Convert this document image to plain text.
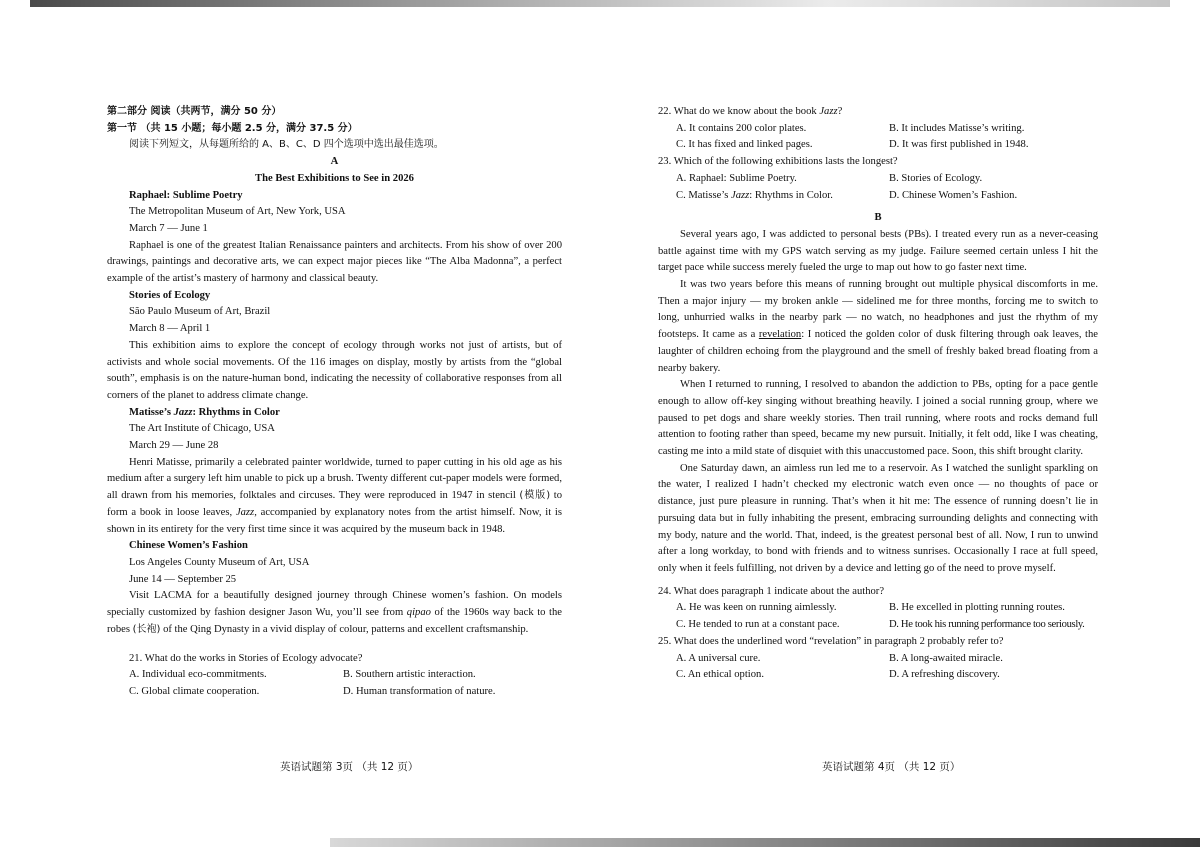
第二部分 阅读（共两节，满分 50 分）

第一节 （共 15 小题；每小题 2.5 分，满分 37.5 分）

阅读下列短文，从每题所给的 A、B、C、D 四个选项中选出最佳选项。

A

The Best Exhibitions to See in 2026

Raphael: Sublime Poetry

The Metropolitan Museum of Art, New York, USA

March 7 — June 1

Raphael is one of the greatest Italian Renaissance painters and architects. From his show of over 200 drawings, paintings and decorative arts, we can expect major pieces like “The Alba Madonna”, a perfect example of the artist’s mastery of harmony and classical beauty.

Stories of Ecology

São Paulo Museum of Art, Brazil

March 8 — April 1

This exhibition aims to explore the concept of ecology through works not just of artists, but of activists and whole social movements. Of the 116 images on display, mostly by artists from the “global south”, emphasis is on the nature-human bond, indicating the necessity of collaborative responses from all corners of the planet to address climate change.

Matisse’s Jazz: Rhythms in Color

The Art Institute of Chicago, USA

March 29 — June 28

Henri Matisse, primarily a celebrated painter worldwide, turned to paper cutting in his old age as his medium after a surgery left him unable to pick up a brush. Twenty different cut-paper models were formed, all drawn from his memories, folktales and circuses. They were reproduced in 1947 in stencil (模版) to form a book in loose leaves, Jazz, accompanied by explanatory notes from the artist himself. Now, it is shown in its entirety for the very first time since it was acquired by the museum back in 1948.

Chinese Women’s Fashion

Los Angeles County Museum of Art, USA

June 14 — September 25

Visit LACMA for a beautifully designed journey through Chinese women’s fashion. On models specially customized by fashion designer Jason Wu, you’ll see from qipao of the 1960s way back to the robes (长袍) of the Qing Dynasty in a vivid display of colour, patterns and excellent craftsmanship.

21. What do the works in Stories of Ecology advocate?

A. Individual eco-commitments.	B. Southern artistic interaction.
C. Global climate cooperation.	D. Human transformation of nature.
英语试题第 3页 （共 12 页）

22. What do we know about the book Jazz?

A. It contains 200 color plates.	B. It includes Matisse’s writing.
C. It has fixed and linked pages.	D. It was first published in 1948.

23. Which of the following exhibitions lasts the longest?

A. Raphael: Sublime Poetry.	B. Stories of Ecology.
C. Matisse’s Jazz: Rhythms in Color.	D. Chinese Women’s Fashion.

B

Several years ago, I was addicted to personal bests (PBs). I treated every run as a never-ceasing battle against time with my GPS watch serving as my judge. Failure seemed certain unless I hit the target pace while success merely fueled the urge to map out how to go faster next time.

It was two years before this means of running brought out multiple physical discomforts in me. Then a major injury — my broken ankle — sidelined me for three months, forcing me to switch to long, unhurried walks in the nearby park — no watch, no headphones and just the rhythm of my footsteps. It came as a revelation: I noticed the golden color of dusk filtering through oak leaves, the laughter of children echoing from the playground and the smell of freshly baked bread floating from a nearby bakery.

When I returned to running, I resolved to abandon the addiction to PBs, opting for a pace gentle enough to allow off-key singing without breathing heavily. I joined a social running group, where we paused to pet dogs and share weekly stories. Then trail running, where roots and rocks demand full attention to footing rather than speed, became my new pursuit. Initially, it felt odd, like I was cheating, casting me into a mild state of disquiet with this unaccustomed pace. Soon, this shift brought clarity.

One Saturday dawn, an aimless run led me to a reservoir. As I watched the sunlight sparkling on the water, I realized I hadn’t checked my electronic watch even once — no thoughts of pace or distance, just pure pleasure in running. That’s when it hit me: The essence of running doesn’t lie in pursuing data but in fully inhabiting the present, embracing surrounding delights and connecting with my body, nature and the world. That, indeed, is the greatest personal best of all. Now, I run to unwind after a long workday, to bond with friends and to witness sunrises. Occasionally I race at full speed, only when it feels fulfilling, not driven by a device and letting go of the need to prove myself.

24. What does paragraph 1 indicate about the author?

A. He was keen on running aimlessly.	B. He excelled in plotting running routes.
C. He tended to run at a constant pace.	D. He took his running performance too seriously.

25. What does the underlined word “revelation” in paragraph 2 probably refer to?

A. A universal cure.	B. A long-awaited miracle.
C. An ethical option.	D. A refreshing discovery.
英语试题第 4页 （共 12 页）
